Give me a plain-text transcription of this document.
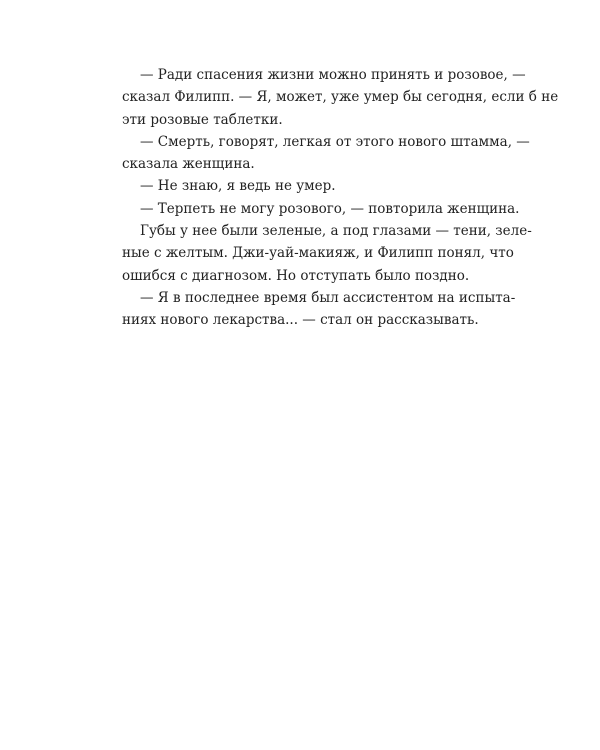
— Ради спасения жизни можно принять и розовое, —
сказал Филипп. — Я, может, уже умер бы сегодня, если б не
эти розовые таблетки.
— Смерть, говорят, легкая от этого нового штамма, —
сказала женщина.
— Не знаю, я ведь не умер.
— Терпеть не могу розового, — повторила женщина.
Губы у нее были зеленые, а под глазами — тени, зеле-
ные с желтым. Джи-уай-макияж, и Филипп понял, что
ошибся с диагнозом. Но отступать было поздно.
— Я в последнее время был ассистентом на испыта-
ниях нового лекарства... — стал он рассказывать.
